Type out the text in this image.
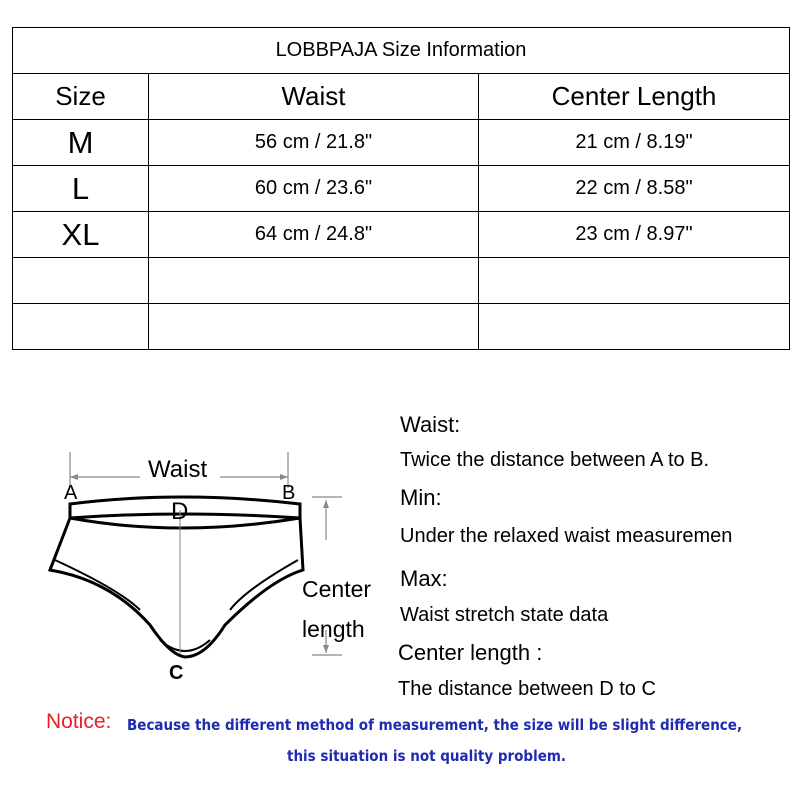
LOBBPAJA Size Information		
Size	Waist	Center Length
M	56 cm / 21.8"	21 cm / 8.19"
L	60 cm / 23.6"	22 cm / 8.58"
XL	64 cm / 24.8"	23 cm / 8.97"

Waist
A	B
D
C
Center
length
Waist:
Twice the distance between A to B.
Min:
Under the relaxed waist measuremen
Max:
Waist stretch state data
Center length :
The distance between D to C
Notice: Because the different method of measurement, the size will be slight difference,
this situation is not quality problem.
